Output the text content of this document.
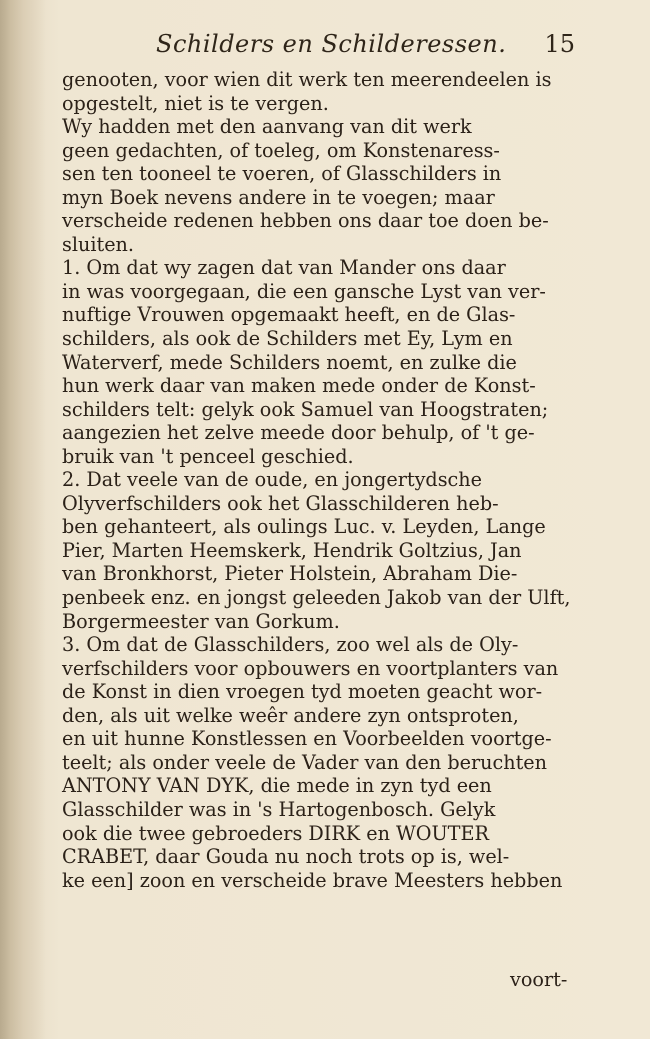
Schilders en Schilderessen. 15
genooten, voor wien dit werk ten meerendeelen is
opgestelt, niet is te vergen.
Wy hadden met den aanvang van dit werk
geen gedachten, of toeleg, om Konstenaress-
sen ten tooneel te voeren, of Glasschilders in
myn Boek nevens andere in te voegen; maar
verscheide redenen hebben ons daar toe doen be-
sluiten.
1. Om dat wy zagen dat van Mander ons daar
in was voorgegaan, die een gansche Lyst van ver-
nuftige Vrouwen opgemaakt heeft, en de Glas-
schilders, als ook de Schilders met Ey, Lym en
Waterverf, mede Schilders noemt, en zulke die
hun werk daar van maken mede onder de Konst-
schilders telt: gelyk ook Samuel van Hoogstraten;
aangezien het zelve meede door behulp, of 't ge-
bruik van 't penceel geschied.
2. Dat veele van de oude, en jongertydsche
Olyverfschilders ook het Glasschilderen heb-
ben gehanteert, als oulings Luc. v. Leyden, Lange
Pier, Marten Heemskerk, Hendrik Goltzius, Jan
van Bronkhorst, Pieter Holstein, Abraham Die-
penbeek enz. en jongst geleeden Jakob van der Ulft,
Borgermeester van Gorkum.
3. Om dat de Glasschilders, zoo wel als de Oly-
verfschilders voor opbouwers en voortplanters van
de Konst in dien vroegen tyd moeten geacht wor-
den, als uit welke weêr andere zyn ontsproten,
en uit hunne Konstlessen en Voorbeelden voortge-
teelt; als onder veele de Vader van den beruchten
ANTONY VAN DYK, die mede in zyn tyd een
Glasschilder was in 's Hartogenbosch. Gelyk
ook die twee gebroeders DIRK en WOUTER
CRABET, daar Gouda nu noch trots op is, wel-
ke een] zoon en verscheide brave Meesters hebben
voort-
